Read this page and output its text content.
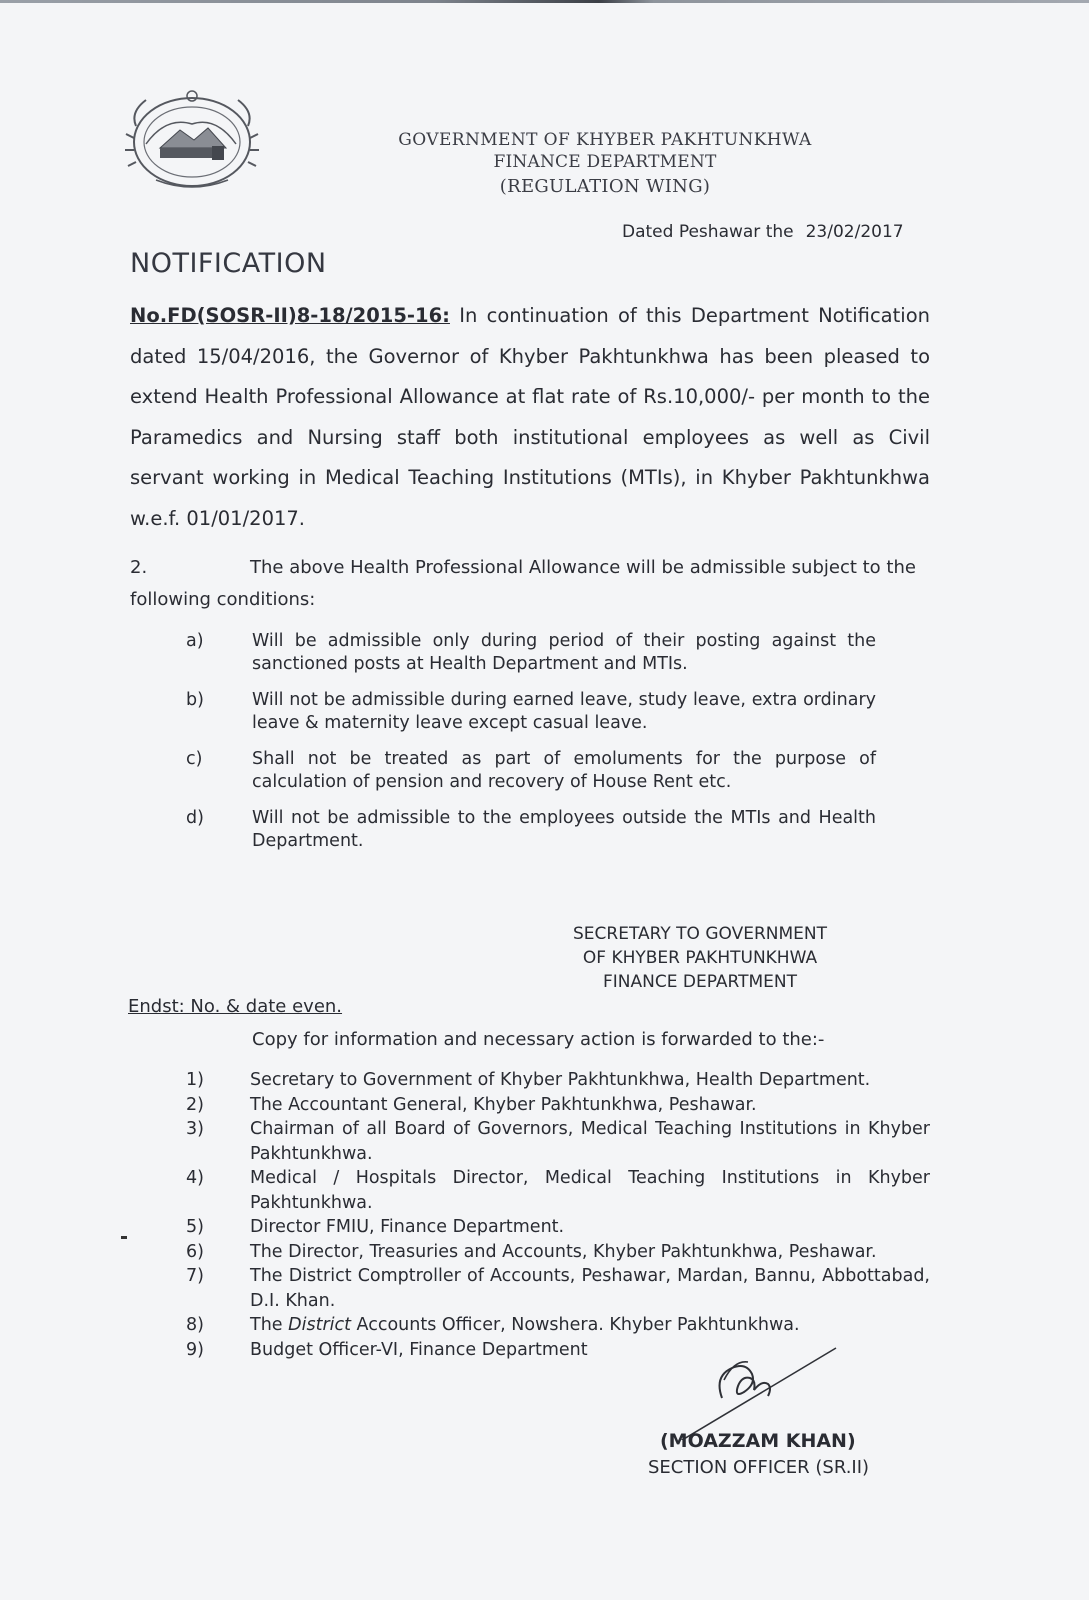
GOVERNMENT OF KHYBER PAKHTUNKHWA
FINANCE DEPARTMENT
(REGULATION WING)
Dated Peshawar the 23/02/2017
NOTIFICATION
No.FD(SOSR-II)8-18/2015-16: In continuation of this Department Notification dated 15/04/2016, the Governor of Khyber Pakhtunkhwa has been pleased to extend Health Professional Allowance at flat rate of Rs.10,000/- per month to the Paramedics and Nursing staff both institutional employees as well as Civil servant working in Medical Teaching Institutions (MTIs), in Khyber Pakhtunkhwa w.e.f. 01/01/2017.
2.	The above Health Professional Allowance will be admissible subject to the following conditions:
a)	Will be admissible only during period of their posting against the sanctioned posts at Health Department and MTIs.
b)	Will not be admissible during earned leave, study leave, extra ordinary leave & maternity leave except casual leave.
c)	Shall not be treated as part of emoluments for the purpose of calculation of pension and recovery of House Rent etc.
d)	Will not be admissible to the employees outside the MTIs and Health Department.
SECRETARY TO GOVERNMENT
OF KHYBER PAKHTUNKHWA
FINANCE DEPARTMENT
Endst: No. & date even.
Copy for information and necessary action is forwarded to the:-
1)	Secretary to Government of Khyber Pakhtunkhwa, Health Department.
2)	The Accountant General, Khyber Pakhtunkhwa, Peshawar.
3)	Chairman of all Board of Governors, Medical Teaching Institutions in Khyber Pakhtunkhwa.
4)	Medical / Hospitals Director, Medical Teaching Institutions in Khyber Pakhtunkhwa.
5)	Director FMIU, Finance Department.
6)	The Director, Treasuries and Accounts, Khyber Pakhtunkhwa, Peshawar.
7)	The District Comptroller of Accounts, Peshawar, Mardan, Bannu, Abbottabad, D.I. Khan.
8)	The District Accounts Officer, Nowshera. Khyber Pakhtunkhwa.
9)	Budget Officer-VI, Finance Department
(MOAZZAM KHAN)
SECTION OFFICER (SR.II)
